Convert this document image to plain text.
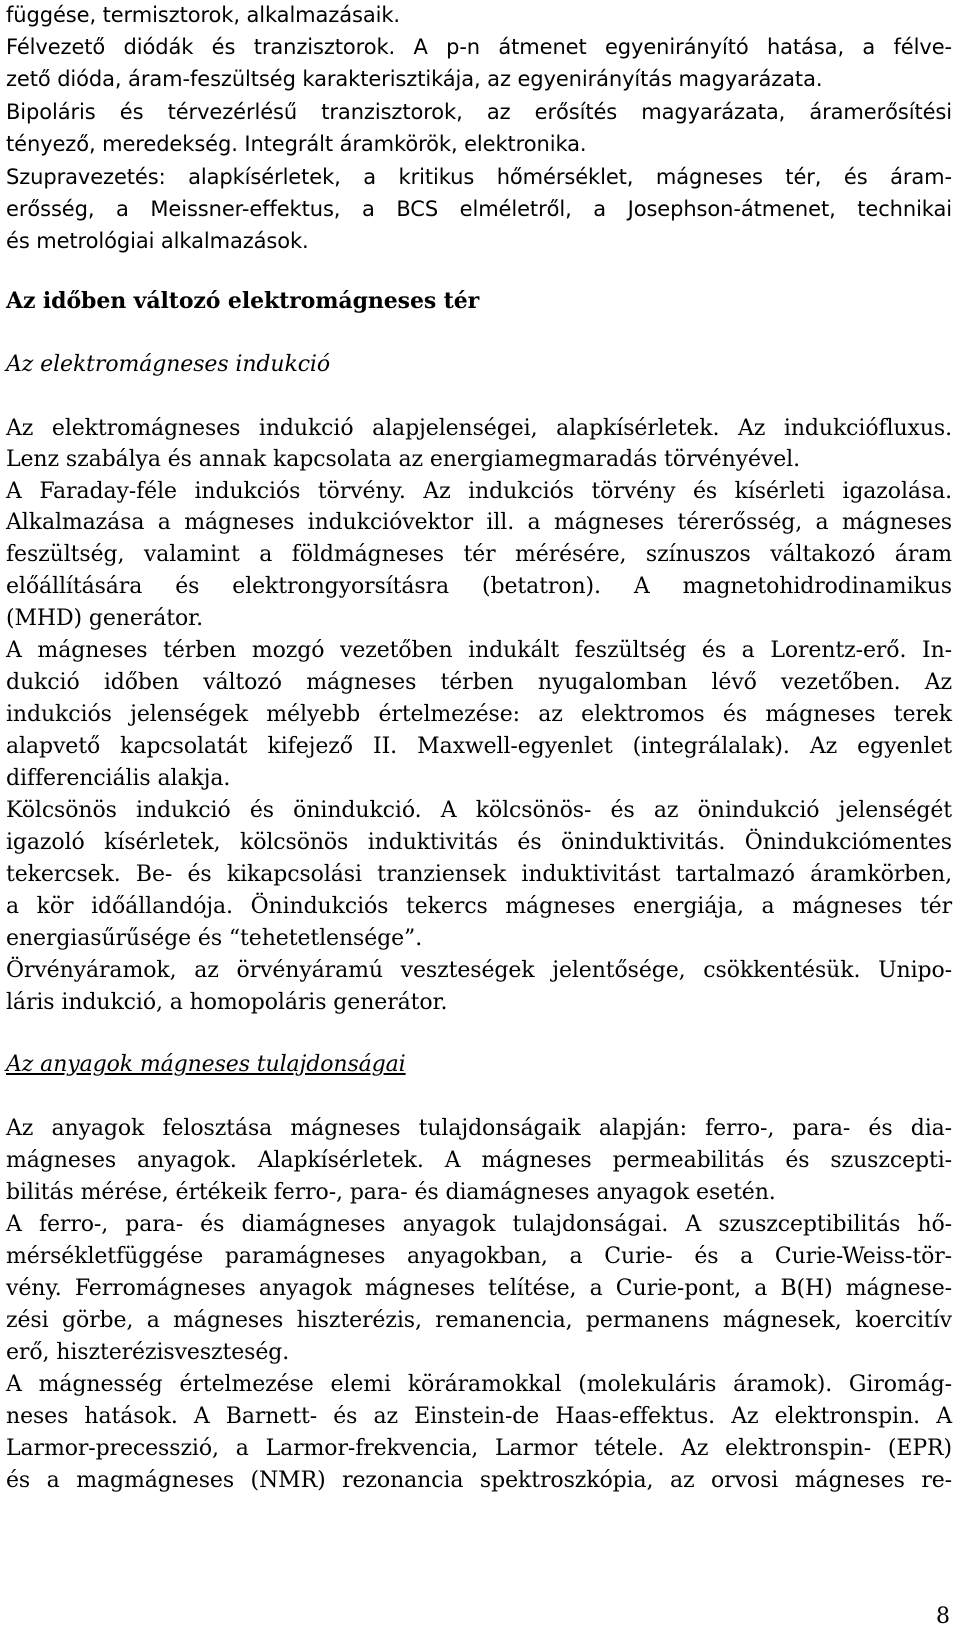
függése, termisztorok, alkalmazásaik.
Félvezető diódák és tranzisztorok. A p-n átmenet egyenirányító hatása, a félve-
zető dióda, áram-feszültség karakterisztikája, az egyenirányítás magyarázata.
Bipoláris és térvezérlésű tranzisztorok, az erősítés magyarázata, áramerősítési
tényező, meredekség. Integrált áramkörök, elektronika.
Szupravezetés: alapkísérletek, a kritikus hőmérséklet, mágneses tér, és áram-
erősség, a Meissner-effektus, a BCS elméletről, a Josephson-átmenet, technikai
és metrológiai alkalmazások.
Az időben változó elektromágneses tér
Az elektromágneses indukció
Az elektromágneses indukció alapjelenségei, alapkísérletek. Az indukciófluxus.
Lenz szabálya és annak kapcsolata az energiamegmaradás törvényével.
A Faraday-féle indukciós törvény. Az indukciós törvény és kísérleti igazolása.
Alkalmazása a mágneses indukcióvektor ill. a mágneses térerősség, a mágneses
feszültség, valamint a földmágneses tér mérésére, színuszos váltakozó áram
előállítására és elektrongyorsításra (betatron). A magnetohidrodinamikus
(MHD) generátor.
A mágneses térben mozgó vezetőben indukált feszültség és a Lorentz-erő. In-
dukció időben változó mágneses térben nyugalomban lévő vezetőben. Az
indukciós jelenségek mélyebb értelmezése: az elektromos és mágneses terek
alapvető kapcsolatát kifejező II. Maxwell-egyenlet (integrálalak). Az egyenlet
differenciális alakja.
Kölcsönös indukció és önindukció. A kölcsönös- és az önindukció jelenségét
igazoló kísérletek, kölcsönös induktivitás és öninduktivitás. Önindukciómentes
tekercsek. Be- és kikapcsolási tranziensek induktivitást tartalmazó áramkörben,
a kör időállandója. Önindukciós tekercs mágneses energiája, a mágneses tér
energiasűrűsége és “tehetetlensége”.
Örvényáramok, az örvényáramú veszteségek jelentősége, csökkentésük. Unipo-
láris indukció, a homopoláris generátor.
Az anyagok mágneses tulajdonságai
Az anyagok felosztása mágneses tulajdonságaik alapján: ferro-, para- és dia-
mágneses anyagok. Alapkísérletek. A mágneses permeabilitás és szuszcepti-
bilitás mérése, értékeik ferro-, para- és diamágneses anyagok esetén.
A ferro-, para- és diamágneses anyagok tulajdonságai. A szuszceptibilitás hő-
mérsékletfüggése paramágneses anyagokban, a Curie- és a Curie-Weiss-tör-
vény. Ferromágneses anyagok mágneses telítése, a Curie-pont, a B(H) mágnese-
zési görbe, a mágneses hiszterézis, remanencia, permanens mágnesek, koercitív
erő, hiszterézisveszteség.
A mágnesség értelmezése elemi köráramokkal (molekuláris áramok). Giromág-
neses hatások. A Barnett- és az Einstein-de Haas-effektus. Az elektronspin. A
Larmor-precesszió, a Larmor-frekvencia, Larmor tétele. Az elektronspin- (EPR)
és a magmágneses (NMR) rezonancia spektroszkópia, az orvosi mágneses re-
8
